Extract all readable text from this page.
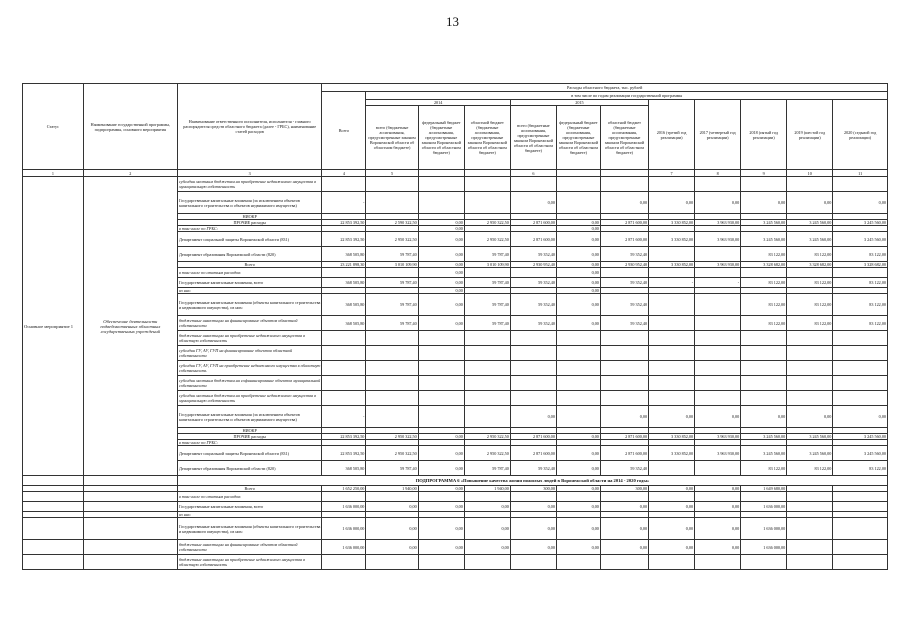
13
Статус	Наименование государственной программы, подпрограммы, основного мероприятия	Наименование ответственного исполнителя, исполнителя - главного распорядителя средств областного бюджета (далее - ГРБС), наименование статей расходов	Расходы областного бюджета, тыс. рублей											
			Всего	в том числе по годам реализации государственной программы										
				2014			2015			2016 (третий год реализации)	2017 (четвертый год реализации)	2018 (пятый год реализации)	2019 (шестой год реализации)	2020 (седьмой год реализации)
				всего (бюджетные ассигнования, предусмотренные законом Воронежской области об областном бюджете)	федеральный бюджет (бюджетные ассигнования, предусмотренные законом Воронежской области об областном бюджете)	областной бюджет (бюджетные ассигнования, предусмотренные законом Воронежской области об областном бюджете)	всего (бюджетные ассигнования, предусмотренные законом Воронежской области об областном бюджете)	федеральный бюджет (бюджетные ассигнования, предусмотренные законом Воронежской области об областном бюджете)	областной бюджет (бюджетные ассигнования, предусмотренные законом Воронежской области об областном бюджете)					
1	2	3	4	5			6			7	8	9	10	11
Основное мероприятие 1	Обеспечение деятельности подведомственных областных государственных учреждений	субсидии местным бюджетам на приобретение недвижимого имущества в муниципальную собственность												
		Государственные капитальные вложения (за исключением объектов капитального строительства и объектов недвижимого имущества)	-				0,00		0,00	0,00	0,00	0,00	0,00	0,00
		НИОКР												
		ПРОЧИЕ расходы	22 853 392,50	2 590 322,50	0,00	2 950 322,50	2 871 600,00	0,00	2 871 600,00	3 330 852,00	3 963 930,00	3 245 560,00	3 245 560,00	3 245 560,00
		в том числе по ГРБС:			0,00			0,00						
		Департамент социальной защиты Воронежской области (831)	22 853 392,50	2 950 322,50	0,00	2 950 322,50	2 871 600,00	0,00	2 871 600,00	3 330 852,00	3 963 930,00	3 245 560,00	3 245 560,00	3 245 560,00
		Департамент образования Воронежской области (820)	368 505,80	59 787,40	0,00	59 787,40	59 352,40	0,00	59 352,40			83 122,00	83 122,00	83 122,00
		Всего	23 221 898,30	3 010 109,90	0,00	3 010 109,90	2 930 952,40	0,00	2 930 952,40	3 330 852,00	3 963 930,00	3 328 682,00	3 328 682,00	3 328 682,00
		в том числе по статьям расходов:			0,00			0,00						
		Государственные капитальные вложения, всего	368 505,80	59 787,40	0,00	59 787,40	59 352,40	0,00	59 352,40	-	-	83 122,00	83 122,00	83 122,00
		из них:			0,00			0,00						
		Государственные капитальные вложения (объекты капитального строительства и недвижимого имущества), из них:	368 505,80	59 787,40	0,00	59 787,40	59 352,40	0,00	59 352,40			83 122,00	83 122,00	83 122,00
		бюджетные инвестиции на финансирование объектов областной собственности	368 505,80	59 787,40	0,00	59 787,40	59 352,40	0,00	59 352,40			83 122,00	83 122,00	83 122,00
		бюджетные инвестиции на приобретение недвижимого имущества в областную собственность												
		субсидии ГУ, АУ, ГУП на финансирование объектов областной собственности												
		субсидии ГУ, АУ, ГУП на приобретение недвижимого имущества в областную собственность												
		субсидии местным бюджетам на софинансирование объектов муниципальной собственности												
		субсидии местным бюджетам на приобретение недвижимого имущества в муниципальную собственность												
		Государственные капитальные вложения (за исключением объектов капитального строительства и объектов недвижимого имущества)	-				0,00		0,00	0,00	0,00	0,00	0,00	0,00
		НИОКР												
		ПРОЧИЕ расходы	22 853 392,50	2 950 322,50	0,00	2 950 322,50	2 871 600,00	0,00	2 871 600,00	3 330 852,00	3 963 930,00	3 245 560,00	3 245 560,00	3 245 560,00
		в том числе по ГРБС:												
		Департамент социальной защиты Воронежской области (831)	22 853 392,50	2 950 322,50	0,00	2 950 322,50	2 871 600,00	0,00	2 871 600,00	3 330 852,00	3 963 930,00	3 245 560,00	3 245 560,00	3 245 560,00
		Департамент образования Воронежской области (820)	368 505,80	59 787,40	0,00	59 787,40	59 352,40	0,00	59 352,40			83 122,00	83 122,00	83 122,00
		ПОДПРОГРАММА 6 «Повышение качества жизни пожилых людей в Воронежской области на 2014 - 2020 годы»												
		Всего	1 652 250,00	1 940,00	0,00	1 940,00	300,00	0,00	300,00	0,00	0,00	1 649 680,00		
		в том числе по статьям расходов:												
		Государственные капитальные вложения, всего	1 636 000,00	0,00	0,00	0,00	0,00	0,00	0,00	0,00	0,00	1 636 000,00		
		из них:												
		Государственные капитальные вложения (объекты капитального строительства и недвижимого имущества), из них:	1 636 000,00	0,00	0,00	0,00	0,00	0,00	0,00	0,00	0,00	1 636 000,00		
		бюджетные инвестиции на финансирование объектов областной собственности	1 636 000,00	0,00	0,00	0,00	0,00	0,00	0,00	0,00	0,00	1 636 000,00		
		бюджетные инвестиции на приобретение недвижимого имущества в областную собственность												
